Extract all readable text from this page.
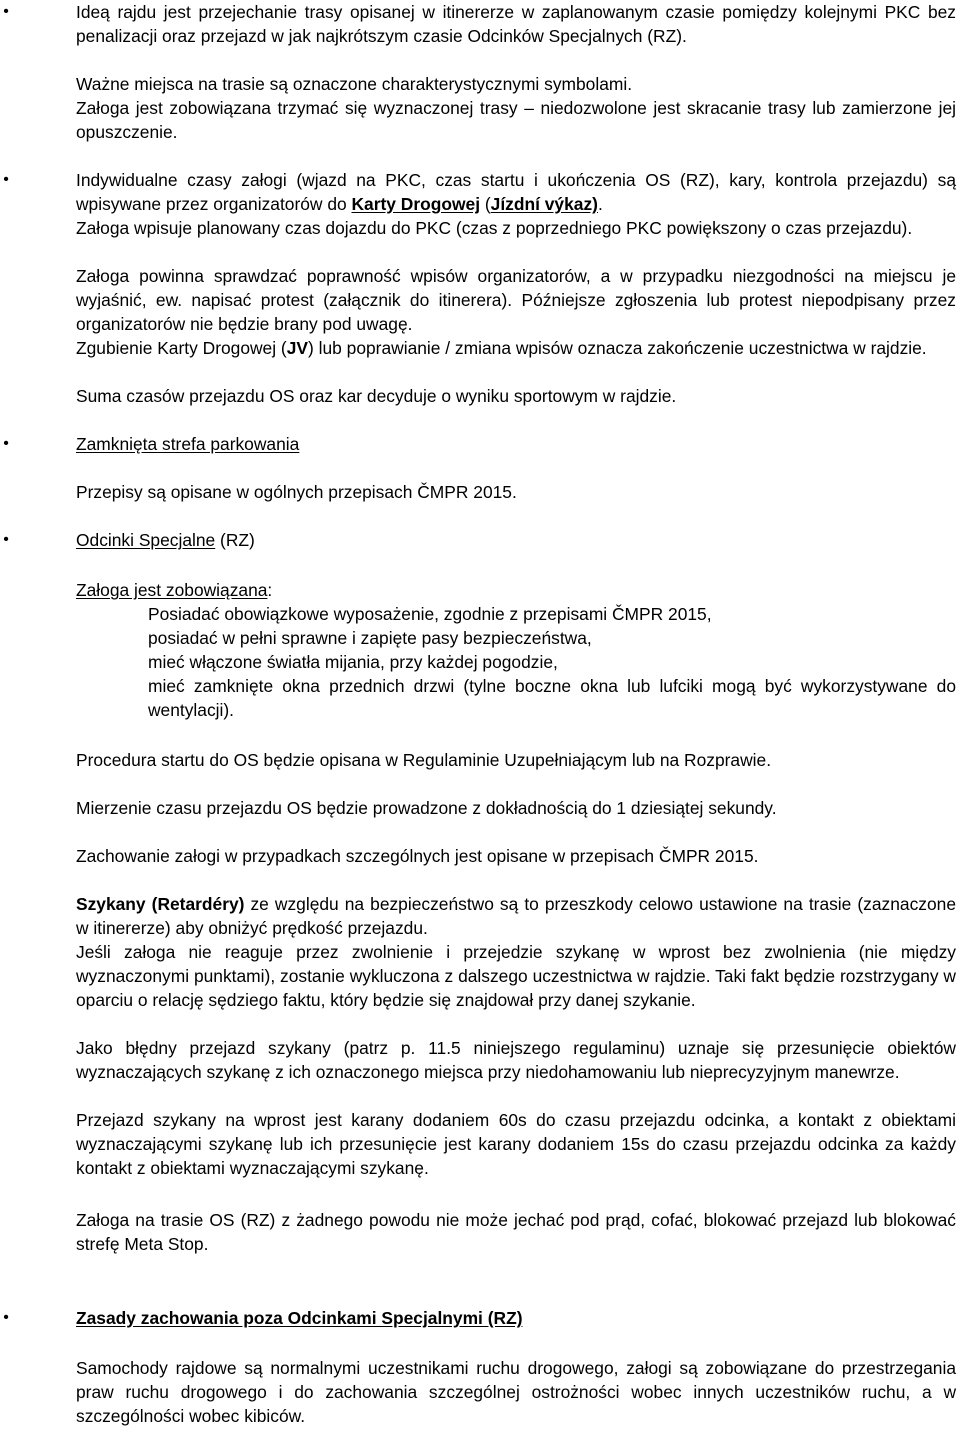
•	Ideą rajdu jest przejechanie trasy opisanej w itinererze w zaplanowanym czasie pomiędzy kolejnymi PKC bez penalizacji oraz przejazd w jak najkrótszym czasie Odcinków Specjalnych (RZ).

Ważne miejsca na trasie są oznaczone charakterystycznymi symbolami.

Załoga jest zobowiązana trzymać się wyznaczonej trasy – niedozwolone jest skracanie trasy lub zamierzone jej opuszczenie.

•	Indywidualne czasy załogi (wjazd na PKC, czas startu i ukończenia OS (RZ), kary, kontrola przejazdu) są wpisywane przez organizatorów do Karty Drogowej (Jízdní výkaz).

Załoga wpisuje planowany czas dojazdu do PKC (czas z poprzedniego PKC powiększony o czas przejazdu).

Załoga powinna sprawdzać poprawność wpisów organizatorów, a w przypadku niezgodności na miejscu je wyjaśnić, ew. napisać protest (załącznik do itinerera). Późniejsze zgłoszenia lub protest niepodpisany przez organizatorów nie będzie brany pod uwagę.

Zgubienie Karty Drogowej (JV) lub poprawianie / zmiana wpisów oznacza zakończenie uczestnictwa w rajdzie.

Suma czasów przejazdu OS oraz kar decyduje o wyniku sportowym w rajdzie.

•	Zamknięta strefa parkowania

Przepisy są opisane w ogólnych przepisach ČMPR 2015.

•	Odcinki Specjalne (RZ)

Załoga jest zobowiązana:

Posiadać obowiązkowe wyposażenie, zgodnie z przepisami ČMPR 2015,
posiadać w pełni sprawne i zapięte pasy bezpieczeństwa,
mieć włączone światła mijania, przy każdej pogodzie,

mieć zamknięte okna przednich drzwi (tylne boczne okna lub lufciki mogą być wykorzystywane do wentylacji).

Procedura startu do OS będzie opisana w Regulaminie Uzupełniającym lub na Rozprawie.

Mierzenie czasu przejazdu OS będzie prowadzone z dokładnością do 1 dziesiątej sekundy.

Zachowanie załogi w przypadkach szczególnych jest opisane w przepisach ČMPR 2015.

Szykany (Retardéry) ze względu na bezpieczeństwo są to przeszkody celowo ustawione na trasie (zaznaczone w itinererze) aby obniżyć prędkość przejazdu.

Jeśli załoga nie reaguje przez zwolnienie i przejedzie szykanę w wprost bez zwolnienia (nie między wyznaczonymi punktami), zostanie wykluczona z dalszego uczestnictwa w rajdzie. Taki fakt będzie rozstrzygany w oparciu o relację sędziego faktu, który będzie się znajdował przy danej szykanie.

Jako błędny przejazd szykany (patrz p. 11.5 niniejszego regulaminu) uznaje się przesunięcie obiektów wyznaczających szykanę z ich oznaczonego miejsca przy niedohamowaniu lub nieprecyzyjnym manewrze.

Przejazd szykany na wprost jest karany dodaniem 60s do czasu przejazdu odcinka, a kontakt z obiektami wyznaczającymi szykanę lub ich przesunięcie jest karany dodaniem 15s do czasu przejazdu odcinka za każdy kontakt z obiektami wyznaczającymi szykanę.

Załoga na trasie OS (RZ) z żadnego powodu nie może jechać pod prąd, cofać, blokować przejazd lub blokować strefę Meta Stop.

•	Zasady zachowania poza Odcinkami Specjalnymi (RZ)

Samochody rajdowe są normalnymi uczestnikami ruchu drogowego, załogi są zobowiązane do przestrzegania praw ruchu drogowego i do zachowania szczególnej ostrożności wobec innych uczestników ruchu, a w szczególności wobec kibiców.
